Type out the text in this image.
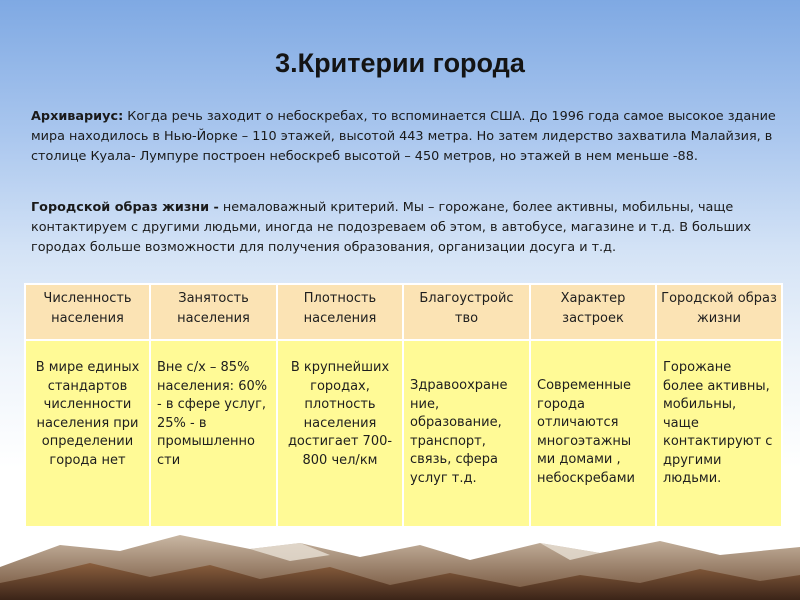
3.Критерии города
Архивариус: Когда речь заходит о небоскребах, то вспоминается США. До 1996 года самое высокое здание мира находилось в Нью-Йорке – 110 этажей, высотой 443 метра. Но затем лидерство захватила Малайзия, в столице Куала- Лумпуре построен небоскреб высотой – 450 метров, но этажей в нем меньше -88.
Городской образ жизни - немаловажный критерий. Мы – горожане, более активны, мобильны, чаще контактируем с другими людьми, иногда не подозреваем об этом, в автобусе, магазине и т.д. В больших городах больше возможности для получения образования, организации досуга и т.д.
Численность населения	Занятость населения	Плотность населения	Благоустройс тво	Характер застроек	Городской образ жизни
В мире единых стандартов численности населения при определении города нет	Вне с/х – 85% населения: 60% - в сфере услуг, 25% - в промышленно сти	В крупнейших городах, плотность населения достигает 700-800 чел/км	Здравоохране ние, образование, транспорт, связь, сфера услуг т.д.	Современные города отличаются многоэтажны ми домами , небоскребами	Горожане более активны, мобильны, чаще контактируют с другими людьми.
